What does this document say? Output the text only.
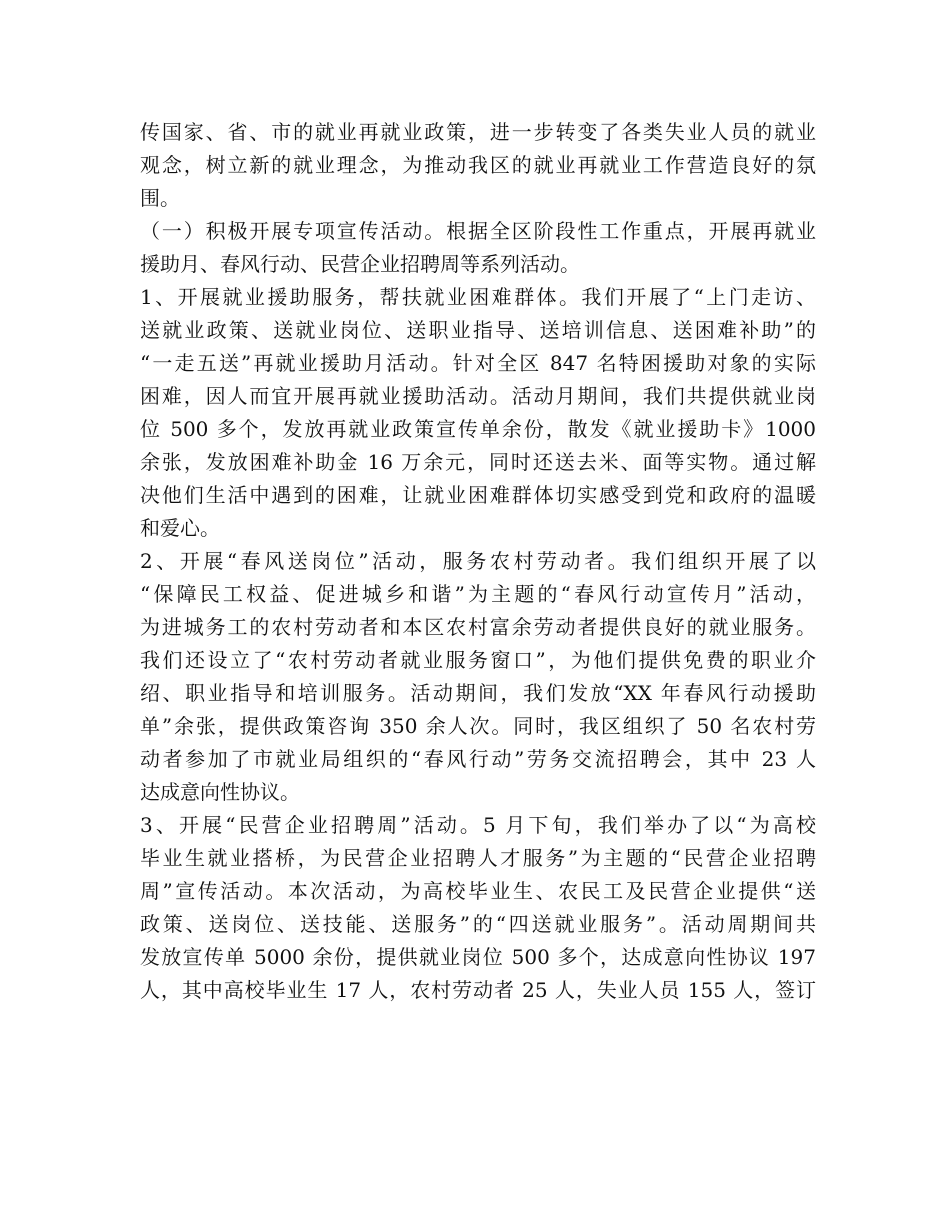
传国家、省、市的就业再就业政策，进一步转变了各类失业人员的就业
观念，树立新的就业理念，为推动我区的就业再就业工作营造良好的氛
围。
（一）积极开展专项宣传活动。根据全区阶段性工作重点，开展再就业
援助月、春风行动、民营企业招聘周等系列活动。
1、开展就业援助服务，帮扶就业困难群体。我们开展了“上门走访、
送就业政策、送就业岗位、送职业指导、送培训信息、送困难补助”的
“一走五送”再就业援助月活动。针对全区 847 名特困援助对象的实际
困难，因人而宜开展再就业援助活动。活动月期间，我们共提供就业岗
位 500 多个，发放再就业政策宣传单余份，散发《就业援助卡》1000
余张，发放困难补助金 16 万余元，同时还送去米、面等实物。通过解
决他们生活中遇到的困难，让就业困难群体切实感受到党和政府的温暖
和爱心。
2、开展“春风送岗位”活动，服务农村劳动者。我们组织开展了以
“保障民工权益、促进城乡和谐”为主题的“春风行动宣传月”活动，
为进城务工的农村劳动者和本区农村富余劳动者提供良好的就业服务。
我们还设立了“农村劳动者就业服务窗口”，为他们提供免费的职业介
绍、职业指导和培训服务。活动期间，我们发放“XX 年春风行动援助
单”余张，提供政策咨询 350 余人次。同时，我区组织了 50 名农村劳
动者参加了市就业局组织的“春风行动”劳务交流招聘会，其中 23 人
达成意向性协议。
3、开展“民营企业招聘周”活动。5 月下旬，我们举办了以“为高校
毕业生就业搭桥，为民营企业招聘人才服务”为主题的“民营企业招聘
周”宣传活动。本次活动，为高校毕业生、农民工及民营企业提供“送
政策、送岗位、送技能、送服务”的“四送就业服务”。活动周期间共
发放宣传单 5000 余份，提供就业岗位 500 多个，达成意向性协议 197
人，其中高校毕业生 17 人，农村劳动者 25 人，失业人员 155 人，签订
